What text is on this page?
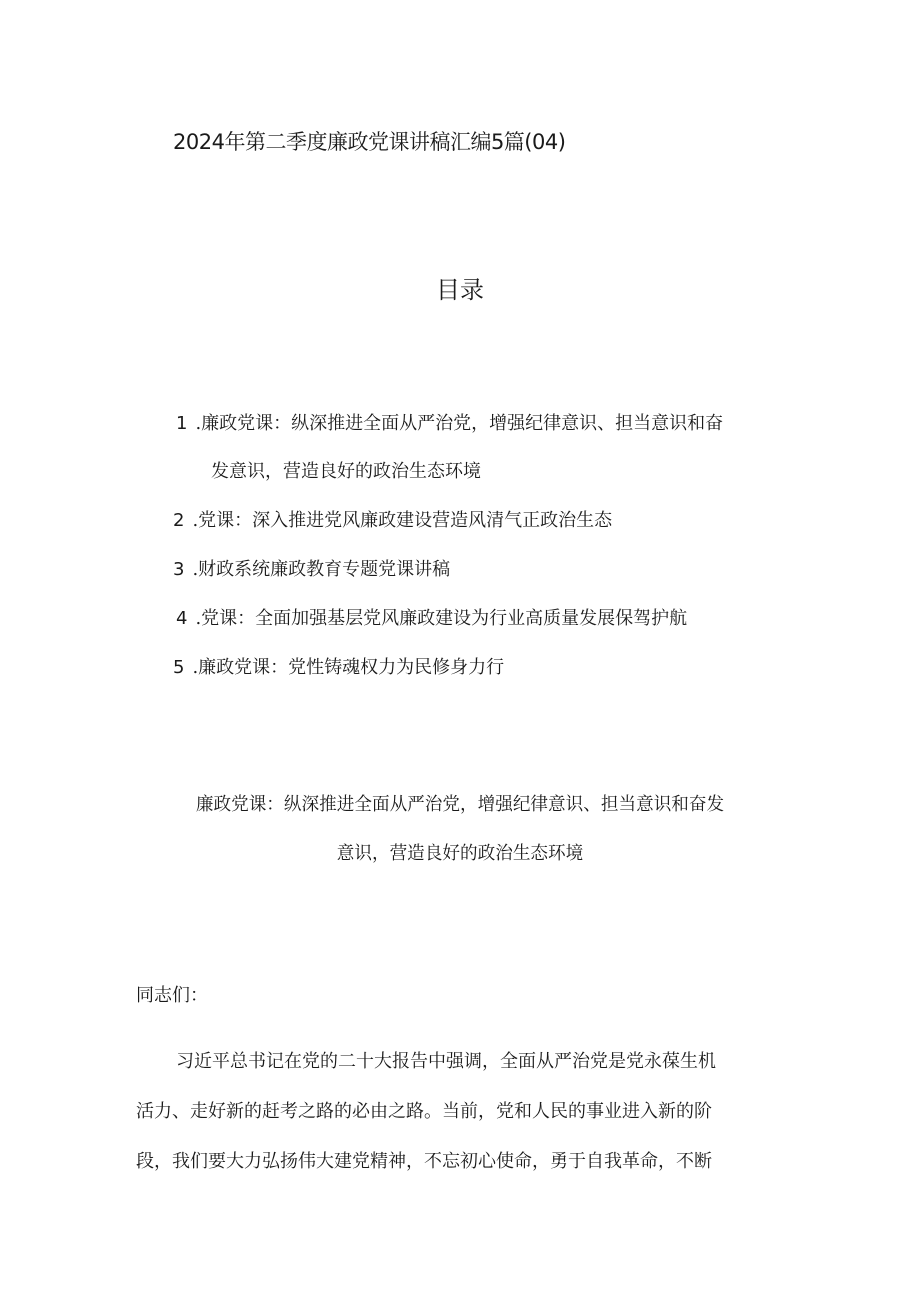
2024年第二季度廉政党课讲稿汇编5篇(04)
目录
1 .廉政党课：纵深推进全面从严治党，增强纪律意识、担当意识和奋
发意识，营造良好的政治生态环境
2 .党课：深入推进党风廉政建设营造风清气正政治生态
3 .财政系统廉政教育专题党课讲稿
4 .党课：全面加强基层党风廉政建设为行业高质量发展保驾护航
5 .廉政党课：党性铸魂权力为民修身力行
廉政党课：纵深推进全面从严治党，增强纪律意识、担当意识和奋发
意识，营造良好的政治生态环境
同志们：
习近平总书记在党的二十大报告中强调，全面从严治党是党永葆生机
活力、走好新的赶考之路的必由之路。当前，党和人民的事业进入新的阶
段，我们要大力弘扬伟大建党精神，不忘初心使命，勇于自我革命，不断
